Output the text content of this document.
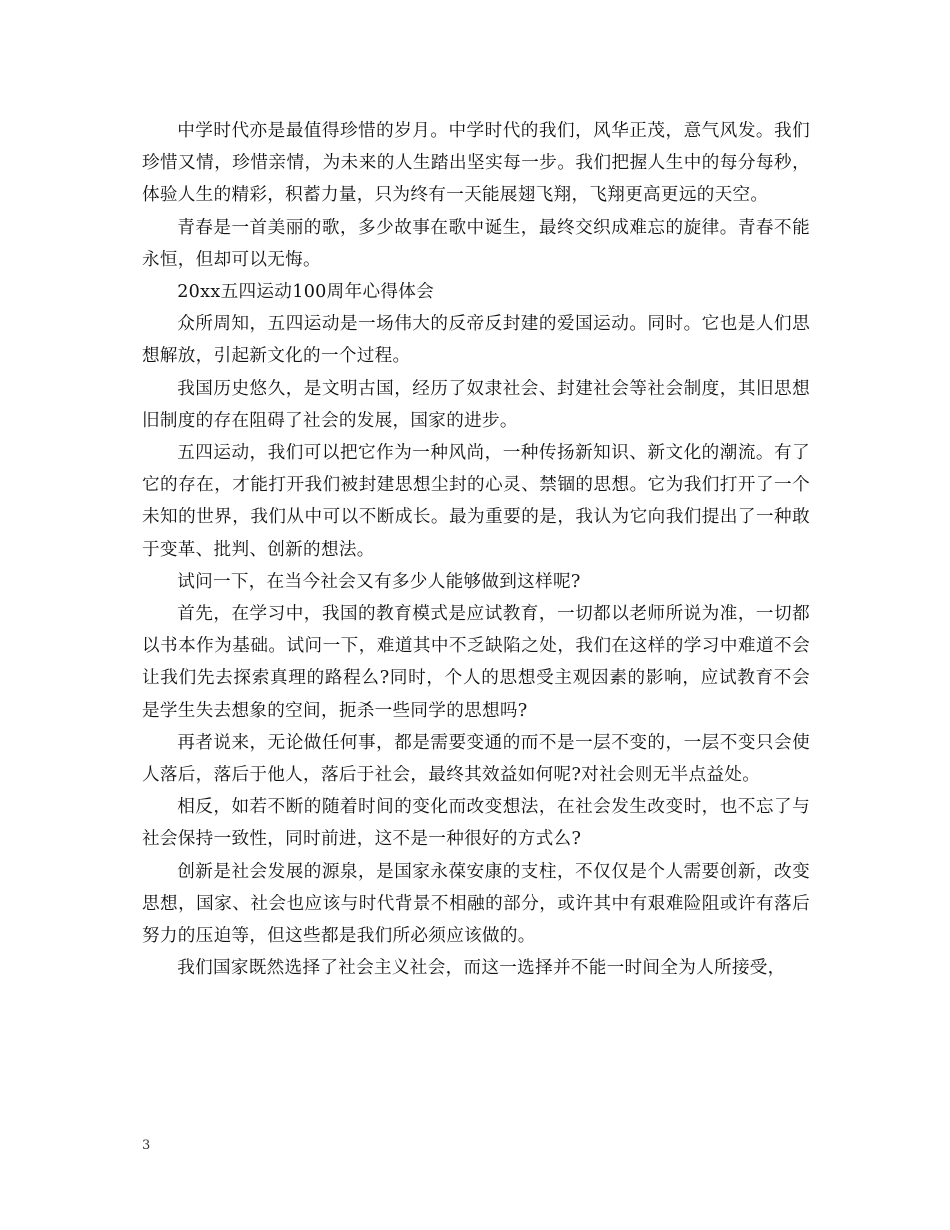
中学时代亦是最值得珍惜的岁月。中学时代的我们，风华正茂，意气风发。我们珍惜又情，珍惜亲情，为未来的人生踏出坚实每一步。我们把握人生中的每分每秒，体验人生的精彩，积蓄力量，只为终有一天能展翅飞翔，飞翔更高更远的天空。

青春是一首美丽的歌，多少故事在歌中诞生，最终交织成难忘的旋律。青春不能永恒，但却可以无悔。

20xx五四运动100周年心得体会

众所周知，五四运动是一场伟大的反帝反封建的爱国运动。同时。它也是人们思想解放，引起新文化的一个过程。

我国历史悠久，是文明古国，经历了奴隶社会、封建社会等社会制度，其旧思想旧制度的存在阻碍了社会的发展，国家的进步。

五四运动，我们可以把它作为一种风尚，一种传扬新知识、新文化的潮流。有了它的存在，才能打开我们被封建思想尘封的心灵、禁锢的思想。它为我们打开了一个未知的世界，我们从中可以不断成长。最为重要的是，我认为它向我们提出了一种敢于变革、批判、创新的想法。

试问一下，在当今社会又有多少人能够做到这样呢?

首先，在学习中，我国的教育模式是应试教育，一切都以老师所说为准，一切都以书本作为基础。试问一下，难道其中不乏缺陷之处，我们在这样的学习中难道不会让我们先去探索真理的路程么?同时，个人的思想受主观因素的影响，应试教育不会是学生失去想象的空间，扼杀一些同学的思想吗?

再者说来，无论做任何事，都是需要变通的而不是一层不变的，一层不变只会使人落后，落后于他人，落后于社会，最终其效益如何呢?对社会则无半点益处。

相反，如若不断的随着时间的变化而改变想法，在社会发生改变时，也不忘了与社会保持一致性，同时前进，这不是一种很好的方式么?

创新是社会发展的源泉，是国家永葆安康的支柱，不仅仅是个人需要创新，改变思想，国家、社会也应该与时代背景不相融的部分，或许其中有艰难险阻或许有落后努力的压迫等，但这些都是我们所必须应该做的。

我们国家既然选择了社会主义社会，而这一选择并不能一时间全为人所接受，

3
